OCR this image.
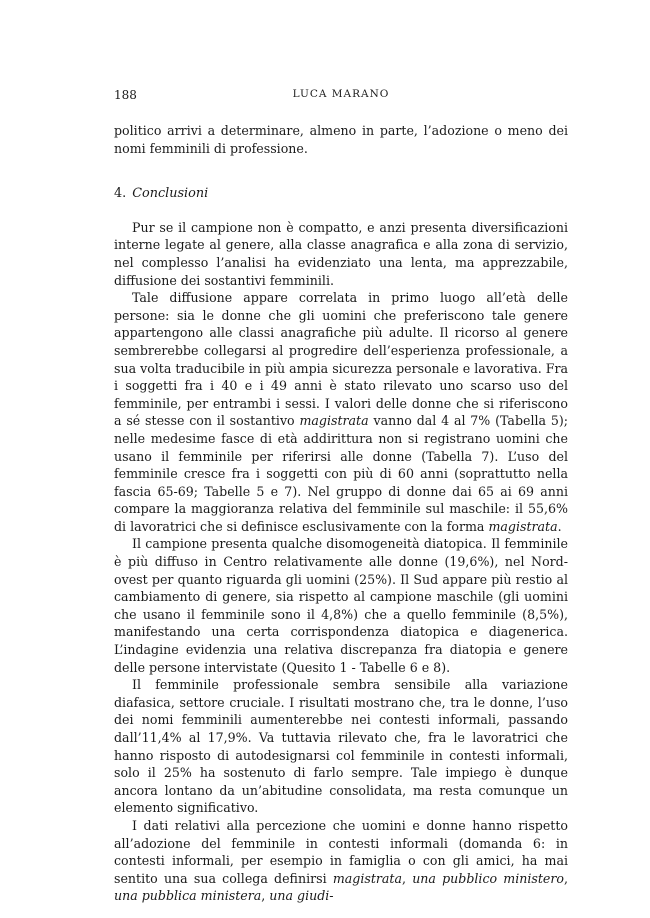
188	LUCA MARANO

politico arrivi a determinare, almeno in parte, l’adozione o meno dei nomi femminili di professione.

4. Conclusioni

Pur se il campione non è compatto, e anzi presenta diversificazioni interne legate al genere, alla classe anagrafica e alla zona di servizio, nel complesso l’analisi ha evidenziato una lenta, ma apprezzabile, diffusione dei sostantivi femminili.

Tale diffusione appare correlata in primo luogo all’età delle persone: sia le donne che gli uomini che preferiscono tale genere appartengono alle classi anagrafiche più adulte. Il ricorso al genere sembrerebbe collegarsi al progredire dell’esperienza professionale, a sua volta traducibile in più ampia sicurezza personale e lavorativa. Fra i soggetti fra i 40 e i 49 anni è stato rilevato uno scarso uso del femminile, per entrambi i sessi. I valori delle donne che si riferiscono a sé stesse con il sostantivo magistrata vanno dal 4 al 7% (Tabella 5); nelle medesime fasce di età addirittura non si registrano uomini che usano il femminile per riferirsi alle donne (Tabella 7). L’uso del femminile cresce fra i soggetti con più di 60 anni (soprattutto nella fascia 65-69; Tabelle 5 e 7). Nel gruppo di donne dai 65 ai 69 anni compare la maggioranza relativa del femminile sul maschile: il 55,6% di lavoratrici che si definisce esclusivamente con la forma magistrata.

Il campione presenta qualche disomogeneità diatopica. Il femminile è più diffuso in Centro relativamente alle donne (19,6%), nel Nord-ovest per quanto riguarda gli uomini (25%). Il Sud appare più restio al cambiamento di genere, sia rispetto al campione maschile (gli uomini che usano il femminile sono il 4,8%) che a quello femminile (8,5%), manifestando una certa corrispondenza diatopica e diagenerica. L’indagine evidenzia una relativa discrepanza fra diatopia e genere delle persone intervistate (Quesito 1 - Tabelle 6 e 8).

Il femminile professionale sembra sensibile alla variazione diafasica, settore cruciale. I risultati mostrano che, tra le donne, l’uso dei nomi femminili aumenterebbe nei contesti informali, passando dall’11,4% al 17,9%. Va tuttavia rilevato che, fra le lavoratrici che hanno risposto di autodesignarsi col femminile in contesti informali, solo il 25% ha sostenuto di farlo sempre. Tale impiego è dunque ancora lontano da un’abitudine consolidata, ma resta comunque un elemento significativo.

I dati relativi alla percezione che uomini e donne hanno rispetto all’adozione del femminile in contesti informali (domanda 6: in contesti informali, per esempio in famiglia o con gli amici, ha mai sentito una sua collega definirsi magistrata, una pubblico ministero, una pubblica ministera, una giudi-
